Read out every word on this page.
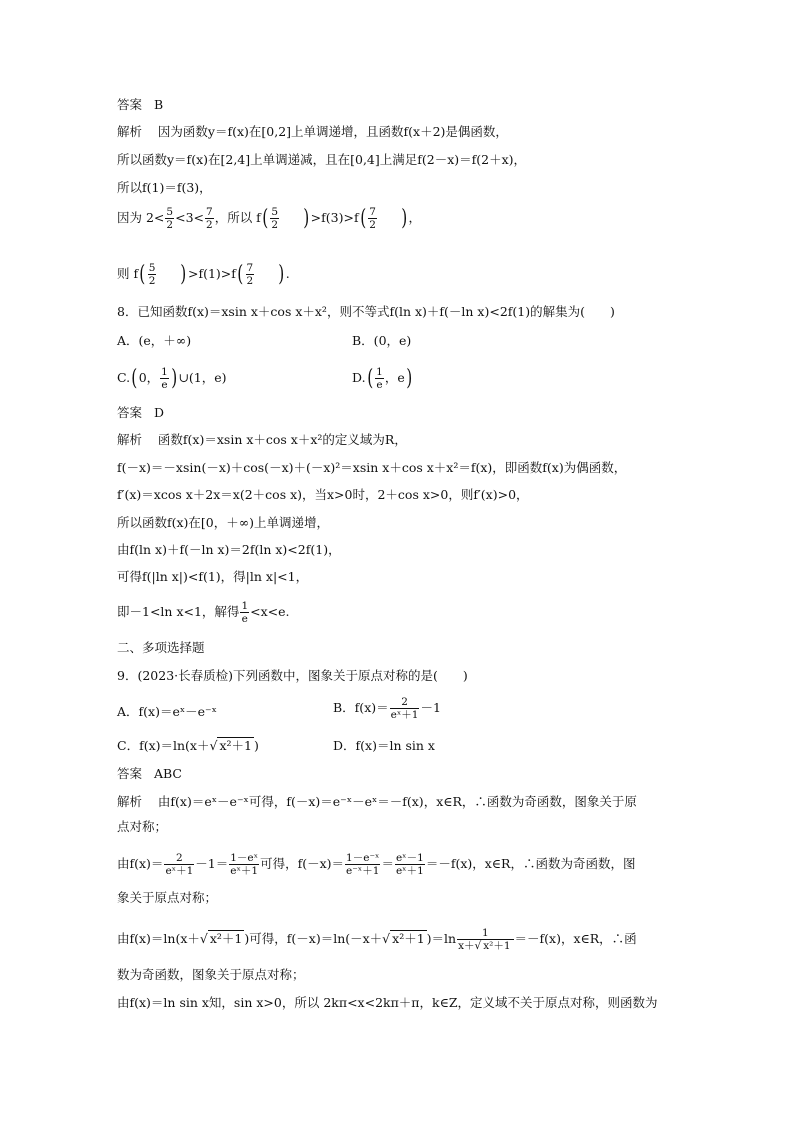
答案 B
解析 因为函数y＝f(x)在[0,2]上单调递增，且函数f(x＋2)是偶函数，
所以函数y＝f(x)在[2,4]上单调递减，且在[0,4]上满足f(2－x)＝f(2＋x)，
所以f(1)＝f(3)，
因为 $2< \frac{5}{2} <3< \frac{7}{2}$ ，所以 $f( \frac{5}{2} )>f(3)>f( \frac{7}{2}$ )，
则 $f( \frac{5}{2} )>f(1)>f( \frac{7}{2}$ ).
8．已知函数f(x)＝xsin x＋cos x＋x²，则不等式f(ln x)＋f(－ln x)<2f(1)的解集为(　　)
A．(e，＋∞)	B．(0，e)
C.(0， $\frac{1}{e}$ )∪(1，e)	$D.( \frac{1}{e}$ ，e)
答案 D
解析 函数f(x)＝xsin x＋cos x＋x²的定义域为R，
f(－x)＝－xsin(－x)＋cos(－x)＋(－x)²＝xsin x＋cos x＋x²＝f(x)，即函数f(x)为偶函数，
f′(x)＝xcos x＋2x＝x(2＋cos x)，当x>0时，2＋cos x>0，则f′(x)>0，
所以函数f(x)在[0，＋∞)上单调递增，
由f(ln x)＋f(－ln x)＝2f(ln x)<2f(1)，
可得f(|ln x|)<f(1)，得|ln x|<1，
即－1<ln x<1，解得 $\frac{1}{e} <x<e$.
二、多项选择题
9．(2023·长春质检)下列函数中，图象关于原点对称的是(　　)
A．f(x)＝eˣ－e⁻ˣ	B．$f(x)= \frac{2}{\text{eˣ＋1}} -1$
C．f(x)＝ln(x＋√ x²＋1 )	D．f(x)＝ln sin x
答案 ABC
解析 由f(x)＝eˣ－e⁻ˣ可得，f(－x)＝e⁻ˣ－eˣ＝－f(x)，x∈R，∴函数为奇函数，图象关于原
点对称；
由$f(x)= \frac{2}{\text{eˣ＋1}} -1= \frac{\text{1－eˣ}}{\text{eˣ＋1}}$ 可得，$f(-x)= \frac{\text{1－e⁻ˣ}}{\text{e⁻ˣ＋1}} = \frac{\text{eˣ－1}}{\text{eˣ＋1}} =-f(x)$，x∈R，∴函数为奇函数，图
象关于原点对称；
由f(x)＝ln(x＋√ x²＋1 )可得，f(－x)＝ln(－x＋√ x²＋1 )$=\ln \frac{1}{\text{x＋√ x²＋1}} =-f(x)$，x∈R，∴函
数为奇函数，图象关于原点对称；
由f(x)＝ln sin x知，sin x>0，所以 2kπ<x<2kπ＋π，k∈Z，定义域不关于原点对称，则函数为
